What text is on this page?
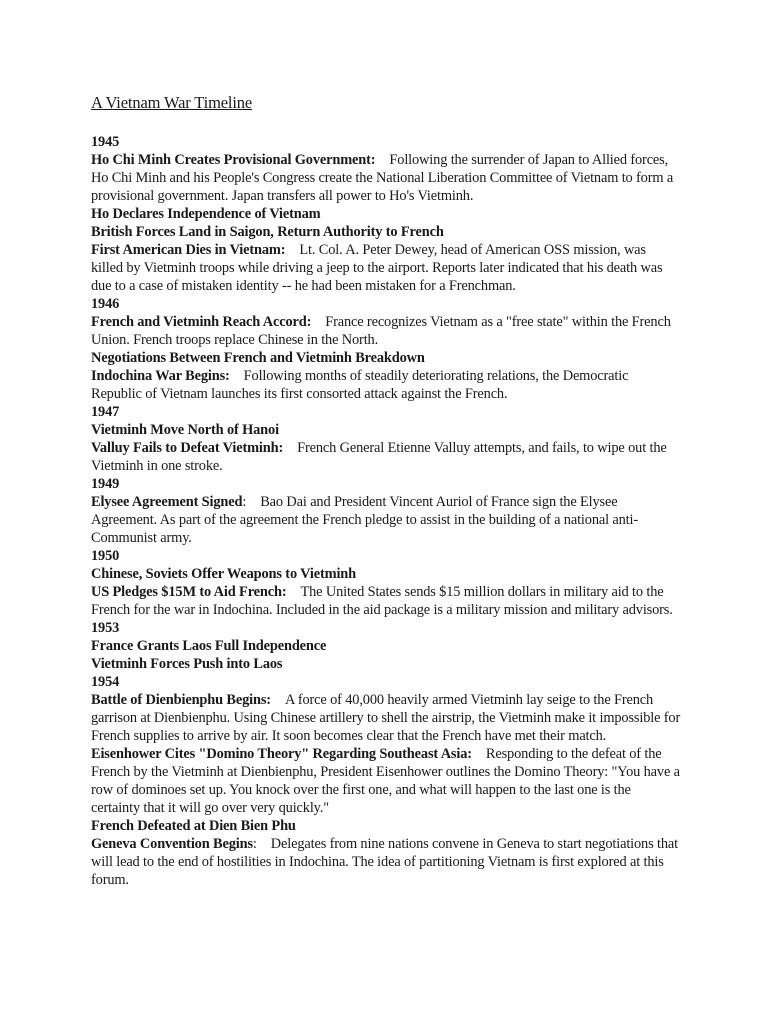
A Vietnam War Timeline

1945

Ho Chi Minh Creates Provisional Government: Following the surrender of Japan to Allied forces, Ho Chi Minh and his People's Congress create the National Liberation Committee of Vietnam to form a provisional government. Japan transfers all power to Ho's Vietminh.

Ho Declares Independence of Vietnam

British Forces Land in Saigon, Return Authority to French

First American Dies in Vietnam: Lt. Col. A. Peter Dewey, head of American OSS mission, was killed by Vietminh troops while driving a jeep to the airport. Reports later indicated that his death was due to a case of mistaken identity -- he had been mistaken for a Frenchman.

1946

French and Vietminh Reach Accord: France recognizes Vietnam as a "free state" within the French Union. French troops replace Chinese in the North.

Negotiations Between French and Vietminh Breakdown

Indochina War Begins: Following months of steadily deteriorating relations, the Democratic Republic of Vietnam launches its first consorted attack against the French.

1947

Vietminh Move North of Hanoi

Valluy Fails to Defeat Vietminh: French General Etienne Valluy attempts, and fails, to wipe out the Vietminh in one stroke.

1949

Elysee Agreement Signed: Bao Dai and President Vincent Auriol of France sign the Elysee Agreement. As part of the agreement the French pledge to assist in the building of a national anti-Communist army.

1950

Chinese, Soviets Offer Weapons to Vietminh

US Pledges $15M to Aid French: The United States sends $15 million dollars in military aid to the French for the war in Indochina. Included in the aid package is a military mission and military advisors.

1953

France Grants Laos Full Independence

Vietminh Forces Push into Laos

1954

Battle of Dienbienphu Begins: A force of 40,000 heavily armed Vietminh lay seige to the French garrison at Dienbienphu. Using Chinese artillery to shell the airstrip, the Vietminh make it impossible for French supplies to arrive by air. It soon becomes clear that the French have met their match.

Eisenhower Cites "Domino Theory" Regarding Southeast Asia: Responding to the defeat of the French by the Vietminh at Dienbienphu, President Eisenhower outlines the Domino Theory: "You have a row of dominoes set up. You knock over the first one, and what will happen to the last one is the certainty that it will go over very quickly."

French Defeated at Dien Bien Phu

Geneva Convention Begins: Delegates from nine nations convene in Geneva to start negotiations that will lead to the end of hostilities in Indochina. The idea of partitioning Vietnam is first explored at this forum.
